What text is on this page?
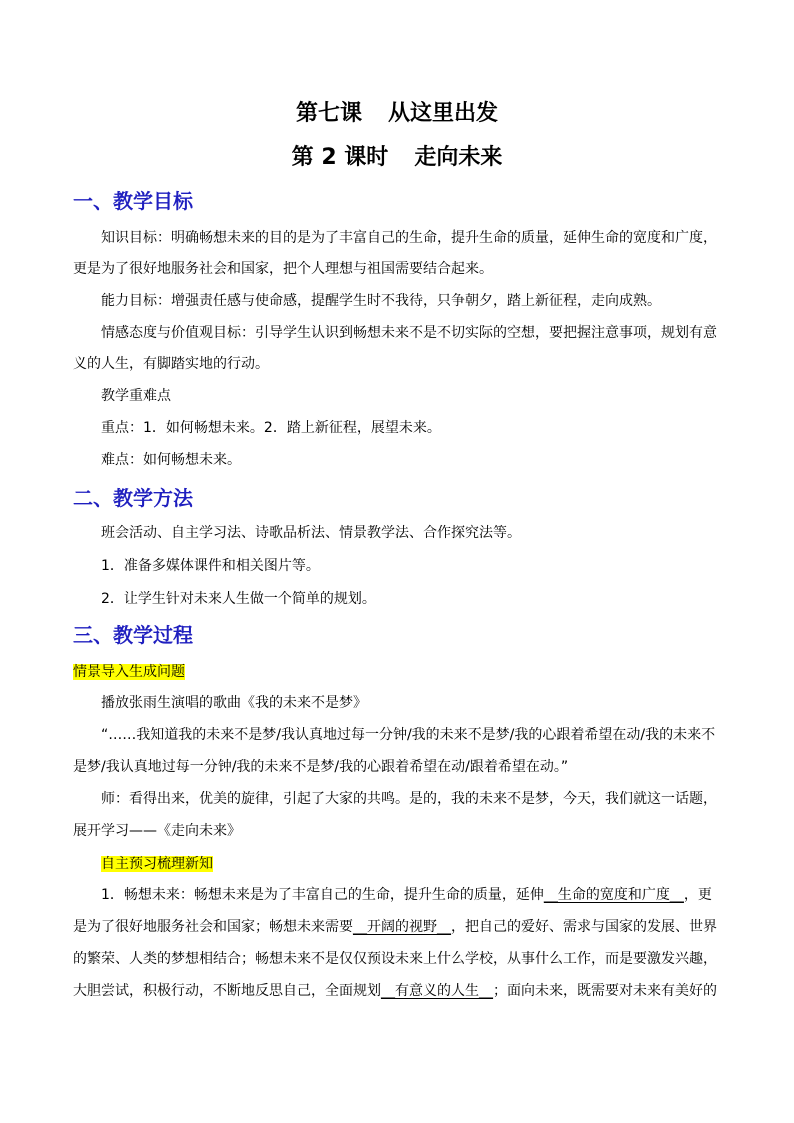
第七课 从这里出发
第 2 课时 走向未来
一、教学目标
知识目标：明确畅想未来的目的是为了丰富自己的生命，提升生命的质量，延伸生命的宽度和广度，
更是为了很好地服务社会和国家，把个人理想与祖国需要结合起来。
能力目标：增强责任感与使命感，提醒学生时不我待，只争朝夕，踏上新征程，走向成熟。
情感态度与价值观目标：引导学生认识到畅想未来不是不切实际的空想，要把握注意事项，规划有意
义的人生，有脚踏实地的行动。
教学重难点
重点：1．如何畅想未来。2．踏上新征程，展望未来。
难点：如何畅想未来。
二、教学方法
班会活动、自主学习法、诗歌品析法、情景教学法、合作探究法等。
1．准备多媒体课件和相关图片等。
2．让学生针对未来人生做一个简单的规划。
三、教学过程
情景导入生成问题
播放张雨生演唱的歌曲《我的未来不是梦》
“……我知道我的未来不是梦/我认真地过每一分钟/我的未来不是梦/我的心跟着希望在动/我的未来不
是梦/我认真地过每一分钟/我的未来不是梦/我的心跟着希望在动/跟着希望在动。”
师：看得出来，优美的旋律，引起了大家的共鸣。是的，我的未来不是梦，今天，我们就这一话题，
展开学习——《走向未来》
自主预习梳理新知
1．畅想未来：畅想未来是为了丰富自己的生命，提升生命的质量，延伸__生命的宽度和广度__，更
是为了很好地服务社会和国家；畅想未来需要__开阔的视野__，把自己的爱好、需求与国家的发展、世界
的繁荣、人类的梦想相结合；畅想未来不是仅仅预设未来上什么学校，从事什么工作，而是要激发兴趣，
大胆尝试，积极行动，不断地反思自己，全面规划__有意义的人生__；面向未来，既需要对未来有美好的
